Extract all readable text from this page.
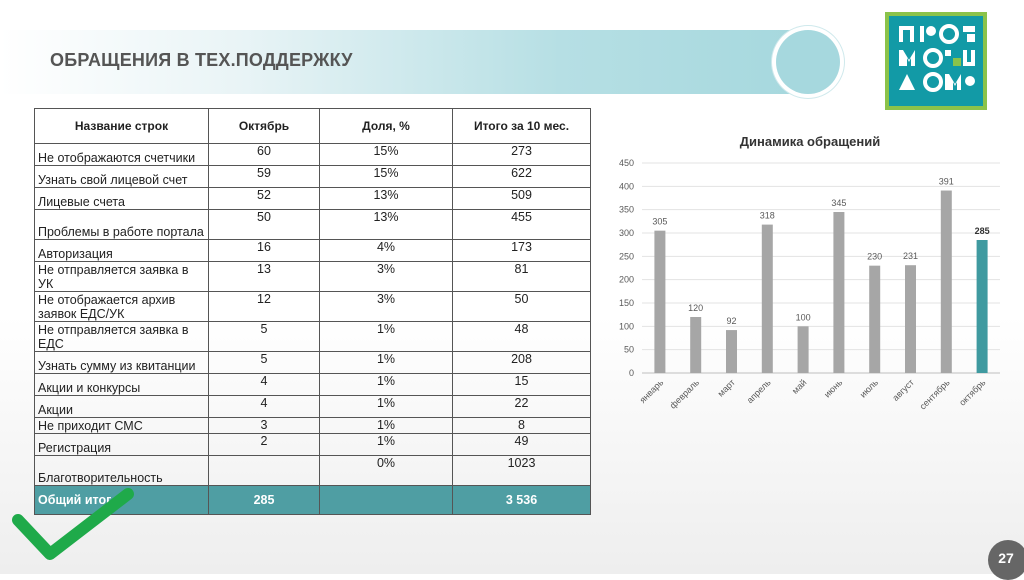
ОБРАЩЕНИЯ В ТЕХ.ПОДДЕРЖКУ
Название строк	Октябрь	Доля, %	Итого за 10 мес.
Не отображаются счетчики	60	15%	273
Узнать свой лицевой счет	59	15%	622
Лицевые счета	52	13%	509
Проблемы в работе портала	50	13%	455
Авторизация	16	4%	173
Не отправляется заявка в УК	13	3%	81
Не отображается архив заявок ЕДС/УК	12	3%	50
Не отправляется заявка в ЕДС	5	1%	48
Узнать сумму из квитанции	5	1%	208
Акции и конкурсы	4	1%	15
Акции	4	1%	22
Не приходит СМС	3	1%	8
Регистрация	2	1%	49
Благотворительность		0%	1023
Общий итог	285		3 536
Динамика обращений
0
50
100
150
200
250
300
350
400
450
305
январь
120
февраль
92
март
318
апрель
100
май
345
июнь
230
июль
231
август
391
сентябрь
285
октябрь
27
